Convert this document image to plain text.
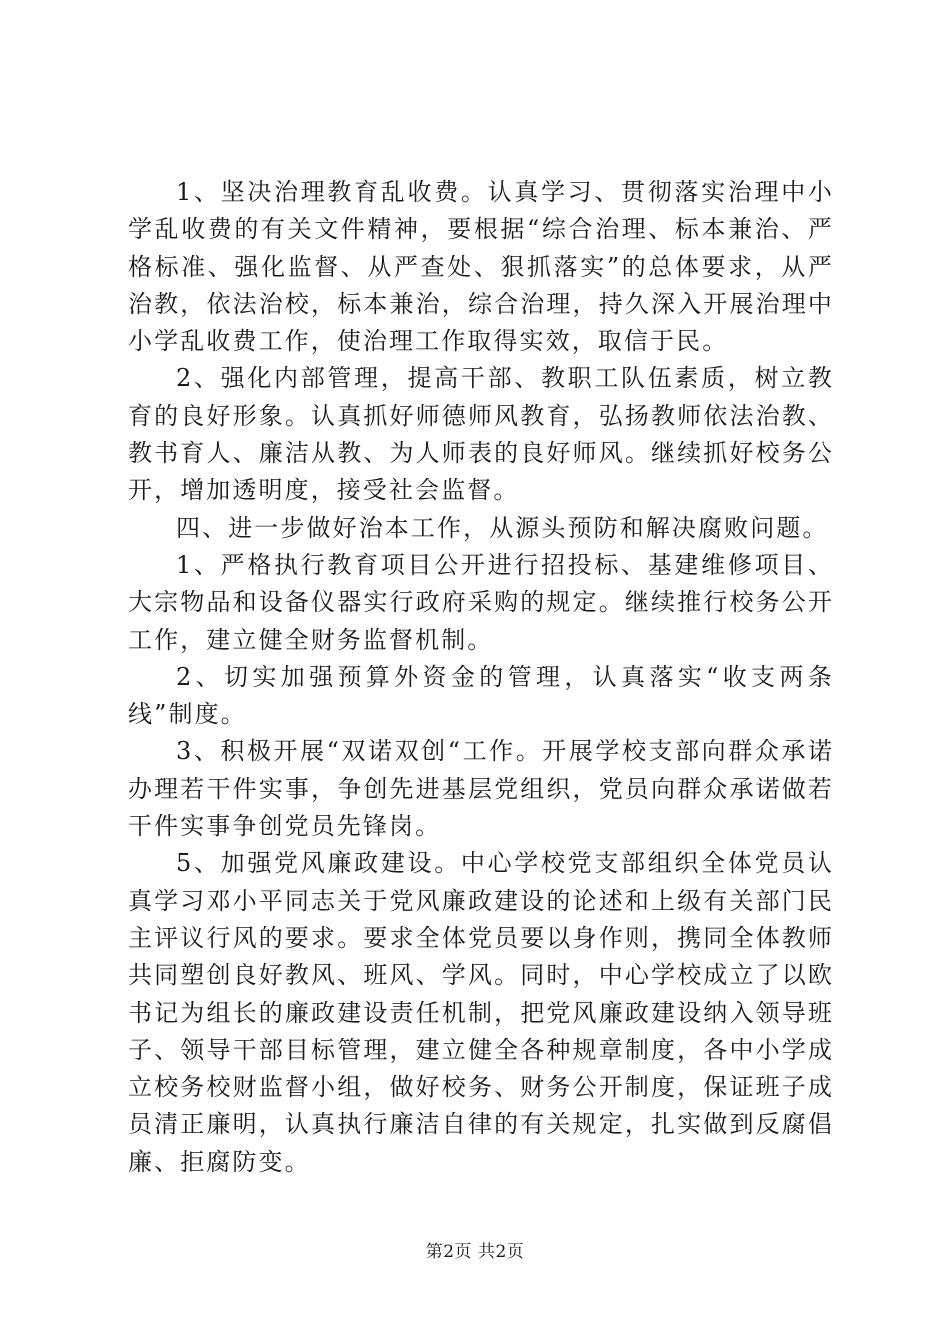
1、坚决治理教育乱收费。认真学习、贯彻落实治理中小学乱收费的有关文件精神，要根据“综合治理、标本兼治、严格标准、强化监督、从严查处、狠抓落实”的总体要求，从严治教，依法治校，标本兼治，综合治理，持久深入开展治理中小学乱收费工作，使治理工作取得实效，取信于民。

2、强化内部管理，提高干部、教职工队伍素质，树立教育的良好形象。认真抓好师德师风教育，弘扬教师依法治教、教书育人、廉洁从教、为人师表的良好师风。继续抓好校务公开，增加透明度，接受社会监督。

四、进一步做好治本工作，从源头预防和解决腐败问题。

1、严格执行教育项目公开进行招投标、基建维修项目、大宗物品和设备仪器实行政府采购的规定。继续推行校务公开工作，建立健全财务监督机制。

2、切实加强预算外资金的管理，认真落实“收支两条线”制度。

3、积极开展“双诺双创“工作。开展学校支部向群众承诺办理若干件实事，争创先进基层党组织，党员向群众承诺做若干件实事争创党员先锋岗。

5、加强党风廉政建设。中心学校党支部组织全体党员认真学习邓小平同志关于党风廉政建设的论述和上级有关部门民主评议行风的要求。要求全体党员要以身作则，携同全体教师共同塑创良好教风、班风、学风。同时，中心学校成立了以欧书记为组长的廉政建设责任机制，把党风廉政建设纳入领导班子、领导干部目标管理，建立健全各种规章制度，各中小学成立校务校财监督小组，做好校务、财务公开制度，保证班子成员清正廉明，认真执行廉洁自律的有关规定，扎实做到反腐倡廉、拒腐防变。

第2页 共2页
